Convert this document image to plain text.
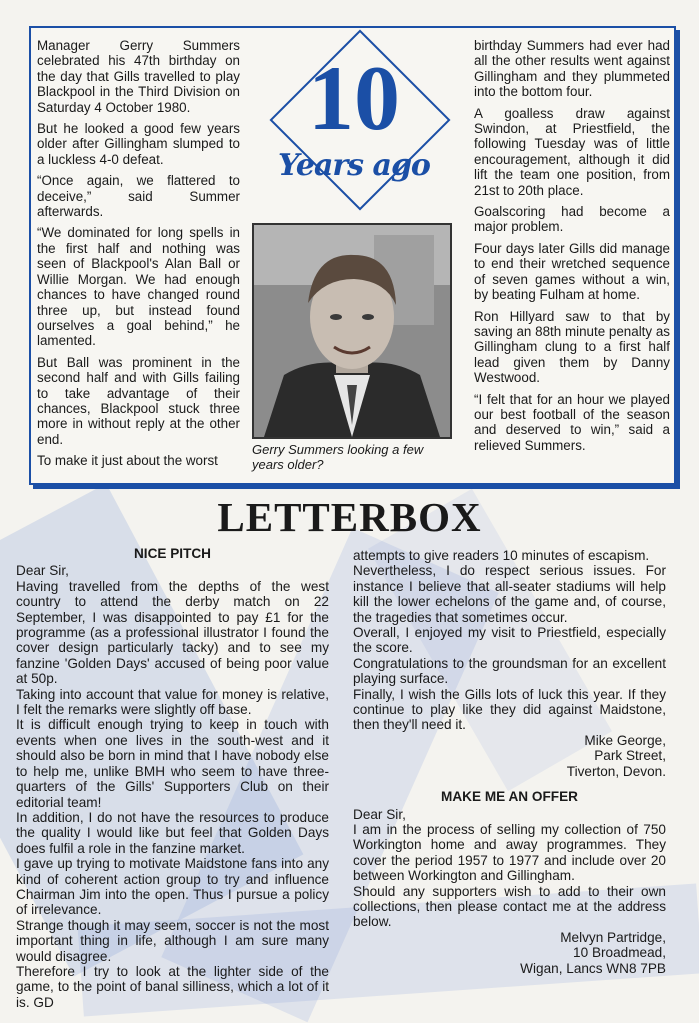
Manager Gerry Summers celebrated his 47th birthday on the day that Gills travelled to play Blackpool in the Third Division on Saturday 4 October 1980.

But he looked a good few years older after Gillingham slumped to a luckless 4-0 defeat.

“Once again, we flattered to deceive,” said Summer afterwards.

“We dominated for long spells in the first half and nothing was seen of Blackpool's Alan Ball or Willie Morgan. We had enough chances to have changed round three up, but instead found ourselves a goal behind,” he lamented.

But Ball was prominent in the second half and with Gills failing to take advantage of their chances, Blackpool stuck three more in without reply at the other end.

To make it just about the worst

10
Years ago
Gerry Summers looking a few years older?

birthday Summers had ever had all the other results went against Gillingham and they plummeted into the bottom four.

A goalless draw against Swindon, at Priestfield, the following Tuesday was of little encouragement, although it did lift the team one position, from 21st to 20th place.

Goalscoring had become a major problem.

Four days later Gills did manage to end their wretched sequence of seven games without a win, by beating Fulham at home.

Ron Hillyard saw to that by saving an 88th minute penalty as Gillingham clung to a first half lead given them by Danny Westwood.

“I felt that for an hour we played our best football of the season and deserved to win,” said a relieved Summers.

LETTERBOX

NICE PITCH

Dear Sir,

Having travelled from the depths of the west country to attend the derby match on 22 September, I was disappointed to pay £1 for the programme (as a professional illustrator I found the cover design particularly tacky) and to see my fanzine 'Golden Days' accused of being poor value at 50p.

Taking into account that value for money is relative, I felt the remarks were slightly off base.

It is difficult enough trying to keep in touch with events when one lives in the south-west and it should also be born in mind that I have nobody else to help me, unlike BMH who seem to have three-quarters of the Gills' Supporters Club on their editorial team!

In addition, I do not have the resources to produce the quality I would like but feel that Golden Days does fulfil a role in the fanzine market.

I gave up trying to motivate Maidstone fans into any kind of coherent action group to try and influence Chairman Jim into the open. Thus I pursue a policy of irrelevance.

Strange though it may seem, soccer is not the most important thing in life, although I am sure many would disagree.

Therefore I try to look at the lighter side of the game, to the point of banal silliness, which a lot of it is. GD

attempts to give readers 10 minutes of escapism.

Nevertheless, I do respect serious issues. For instance I believe that all-seater stadiums will help kill the lower echelons of the game and, of course, the tragedies that sometimes occur.

Overall, I enjoyed my visit to Priestfield, especially the score.

Congratulations to the groundsman for an excellent playing surface.

Finally, I wish the Gills lots of luck this year. If they continue to play like they did against Maidstone, then they'll need it.

Mike George,

Park Street,

Tiverton, Devon.

MAKE ME AN OFFER

Dear Sir,

I am in the process of selling my collection of 750 Workington home and away programmes. They cover the period 1957 to 1977 and include over 20 between Workington and Gillingham.

Should any supporters wish to add to their own collections, then please contact me at the address below.

Melvyn Partridge,

10 Broadmead,

Wigan, Lancs WN8 7PB
